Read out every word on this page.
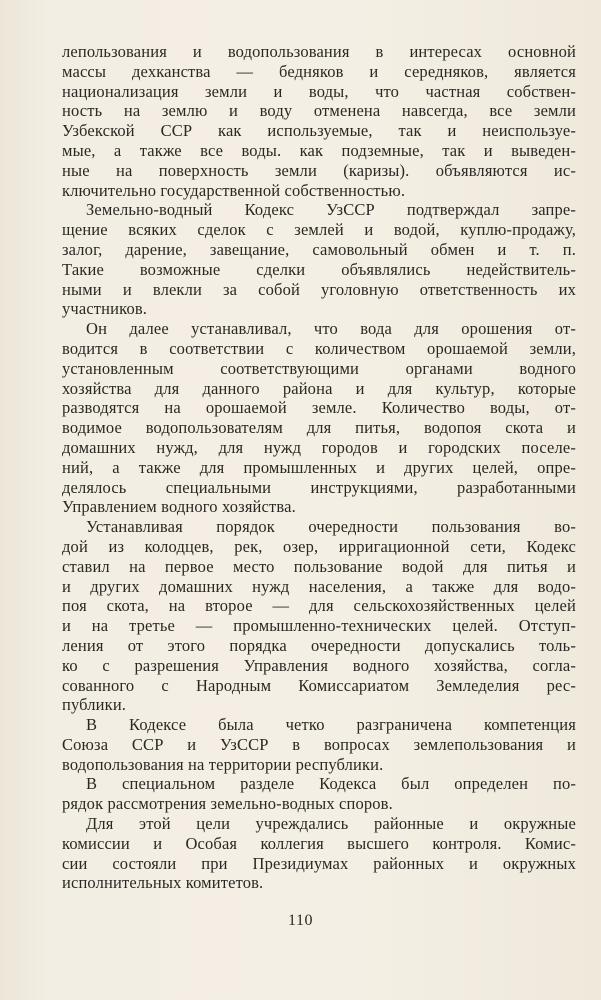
лепользования и водопользования в интересах основной
массы дехканства — бедняков и середняков, является
национализация земли и воды, что частная собствен-
ность на землю и воду отменена навсегда, все земли
Узбекской ССР как используемые, так и неиспользуе-
мые, а также все воды. как подземные, так и выведен-
ные на поверхность земли (каризы). объявляются ис-
ключительно государственной собственностью.
Земельно-водный Кодекс УзССР подтверждал запре-
щение всяких сделок с землей и водой, куплю-продажу,
залог, дарение, завещание, самовольный обмен и т. п.
Такие возможные сделки объявлялись недействитель-
ными и влекли за собой уголовную ответственность их
участников.
Он далее устанавливал, что вода для орошения от-
водится в соответствии с количеством орошаемой земли,
установленным соответствующими органами водного
хозяйства для данного района и для культур, которые
разводятся на орошаемой земле. Количество воды, от-
водимое водопользователям для питья, водопоя скота и
домашних нужд, для нужд городов и городских поселе-
ний, а также для промышленных и других целей, опре-
делялось специальными инструкциями, разработанными
Управлением водного хозяйства.
Устанавливая порядок очередности пользования во-
дой из колодцев, рек, озер, ирригационной сети, Кодекс
ставил на первое место пользование водой для питья и
и других домашних нужд населения, а также для водо-
поя скота, на второе — для сельскохозяйственных целей
и на третье — промышленно-технических целей. Отступ-
ления от этого порядка очередности допускались толь-
ко с разрешения Управления водного хозяйства, согла-
сованного с Народным Комиссариатом Земледелия рес-
публики.
В Кодексе была четко разграничена компетенция
Союза ССР и УзССР в вопросах землепользования и
водопользования на территории республики.
В специальном разделе Кодекса был определен по-
рядок рассмотрения земельно-водных споров.
Для этой цели учреждались районные и окружные
комиссии и Особая коллегия высшего контроля. Комис-
сии состояли при Президиумах районных и окружных
исполнительных комитетов.
110
